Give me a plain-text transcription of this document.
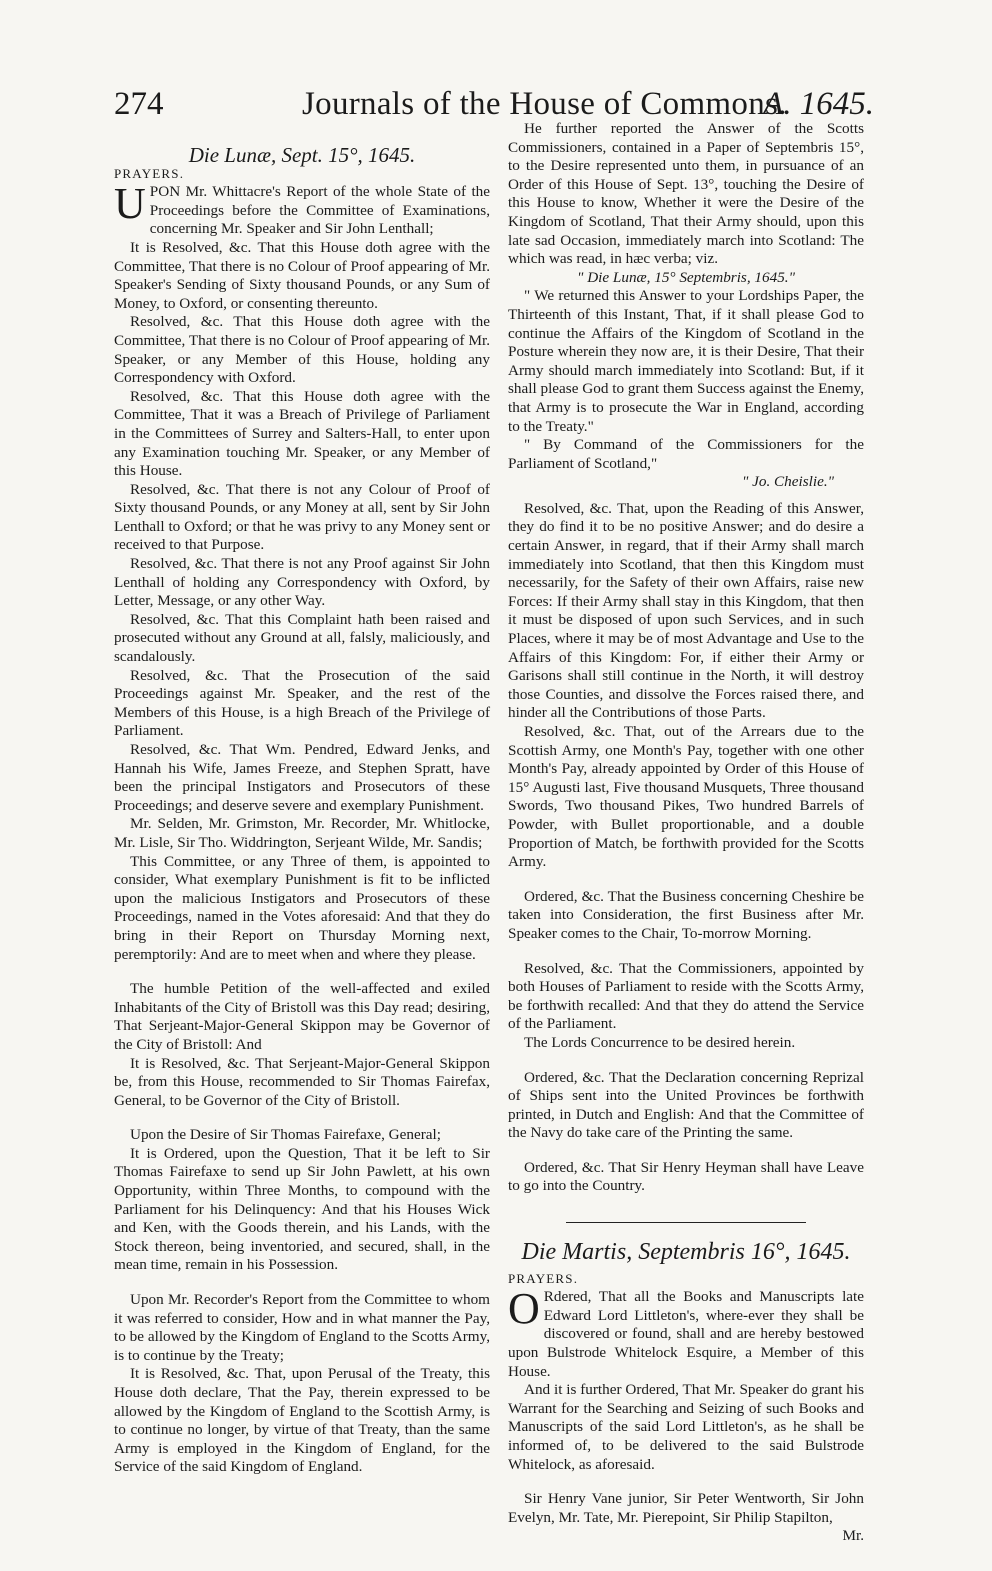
274	Journals of the House of Commons.
A. 1645.

Die Lunæ, Sept. 15°, 1645.

PRAYERS.

UPON Mr. Whittacre's Report of the whole State of the Proceedings before the Committee of Examinations, concerning Mr. Speaker and Sir John Lenthall;

It is Resolved, &c. That this House doth agree with the Committee, That there is no Colour of Proof appearing of Mr. Speaker's Sending of Sixty thousand Pounds, or any Sum of Money, to Oxford, or consenting thereunto.

Resolved, &c. That this House doth agree with the Committee, That there is no Colour of Proof appearing of Mr. Speaker, or any Member of this House, holding any Correspondency with Oxford.

Resolved, &c. That this House doth agree with the Committee, That it was a Breach of Privilege of Parliament in the Committees of Surrey and Salters-Hall, to enter upon any Examination touching Mr. Speaker, or any Member of this House.

Resolved, &c. That there is not any Colour of Proof of Sixty thousand Pounds, or any Money at all, sent by Sir John Lenthall to Oxford; or that he was privy to any Money sent or received to that Purpose.

Resolved, &c. That there is not any Proof against Sir John Lenthall of holding any Correspondency with Oxford, by Letter, Message, or any other Way.

Resolved, &c. That this Complaint hath been raised and prosecuted without any Ground at all, falsly, maliciously, and scandalously.

Resolved, &c. That the Prosecution of the said Proceedings against Mr. Speaker, and the rest of the Members of this House, is a high Breach of the Privilege of Parliament.

Resolved, &c. That Wm. Pendred, Edward Jenks, and Hannah his Wife, James Freeze, and Stephen Spratt, have been the principal Instigators and Prosecutors of these Proceedings; and deserve severe and exemplary Punishment.

Mr. Selden, Mr. Grimston, Mr. Recorder, Mr. Whitlocke, Mr. Lisle, Sir Tho. Widdrington, Serjeant Wilde, Mr. Sandis;

This Committee, or any Three of them, is appointed to consider, What exemplary Punishment is fit to be inflicted upon the malicious Instigators and Prosecutors of these Proceedings, named in the Votes aforesaid: And that they do bring in their Report on Thursday Morning next, peremptorily: And are to meet when and where they please.

The humble Petition of the well-affected and exiled Inhabitants of the City of Bristoll was this Day read; desiring, That Serjeant-Major-General Skippon may be Governor of the City of Bristoll: And

It is Resolved, &c. That Serjeant-Major-General Skippon be, from this House, recommended to Sir Thomas Fairefax, General, to be Governor of the City of Bristoll.

Upon the Desire of Sir Thomas Fairefaxe, General;

It is Ordered, upon the Question, That it be left to Sir Thomas Fairefaxe to send up Sir John Pawlett, at his own Opportunity, within Three Months, to compound with the Parliament for his Delinquency: And that his Houses Wick and Ken, with the Goods therein, and his Lands, with the Stock thereon, being inventoried, and secured, shall, in the mean time, remain in his Possession.

Upon Mr. Recorder's Report from the Committee to whom it was referred to consider, How and in what manner the Pay, to be allowed by the Kingdom of England to the Scotts Army, is to continue by the Treaty;

It is Resolved, &c. That, upon Perusal of the Treaty, this House doth declare, That the Pay, therein expressed to be allowed by the Kingdom of England to the Scottish Army, is to continue no longer, by virtue of that Treaty, than the same Army is employed in the Kingdom of England, for the Service of the said Kingdom of England.

He further reported the Answer of the Scotts Commissioners, contained in a Paper of Septembris 15°, to the Desire represented unto them, in pursuance of an Order of this House of Sept. 13°, touching the Desire of this House to know, Whether it were the Desire of the Kingdom of Scotland, That their Army should, upon this late sad Occasion, immediately march into Scotland: The which was read, in hæc verba; viz.

" Die Lunæ, 15° Septembris, 1645."

" We returned this Answer to your Lordships Paper, the Thirteenth of this Instant, That, if it shall please God to continue the Affairs of the Kingdom of Scotland in the Posture wherein they now are, it is their Desire, That their Army should march immediately into Scotland: But, if it shall please God to grant them Success against the Enemy, that Army is to prosecute the War in England, according to the Treaty."

" By Command of the Commissioners for the Parliament of Scotland,"

" Jo. Cheislie."

Resolved, &c. That, upon the Reading of this Answer, they do find it to be no positive Answer; and do desire a certain Answer, in regard, that if their Army shall march immediately into Scotland, that then this Kingdom must necessarily, for the Safety of their own Affairs, raise new Forces: If their Army shall stay in this Kingdom, that then it must be disposed of upon such Services, and in such Places, where it may be of most Advantage and Use to the Affairs of this Kingdom: For, if either their Army or Garisons shall still continue in the North, it will destroy those Counties, and dissolve the Forces raised there, and hinder all the Contributions of those Parts.

Resolved, &c. That, out of the Arrears due to the Scottish Army, one Month's Pay, together with one other Month's Pay, already appointed by Order of this House of 15° Augusti last, Five thousand Musquets, Three thousand Swords, Two thousand Pikes, Two hundred Barrels of Powder, with Bullet proportionable, and a double Proportion of Match, be forthwith provided for the Scotts Army.

Ordered, &c. That the Business concerning Cheshire be taken into Consideration, the first Business after Mr. Speaker comes to the Chair, To-morrow Morning.

Resolved, &c. That the Commissioners, appointed by both Houses of Parliament to reside with the Scotts Army, be forthwith recalled: And that they do attend the Service of the Parliament.

The Lords Concurrence to be desired herein.

Ordered, &c. That the Declaration concerning Reprizal of Ships sent into the United Provinces be forthwith printed, in Dutch and English: And that the Committee of the Navy do take care of the Printing the same.

Ordered, &c. That Sir Henry Heyman shall have Leave to go into the Country.

Die Martis, Septembris 16°, 1645.

PRAYERS.

O Rdered, That all the Books and Manuscripts late Edward Lord Littleton's, where-ever they shall be discovered or found, shall and are hereby bestowed upon Bulstrode Whitelock Esquire, a Member of this House.

And it is further Ordered, That Mr. Speaker do grant his Warrant for the Searching and Seizing of such Books and Manuscripts of the said Lord Littleton's, as he shall be informed of, to be delivered to the said Bulstrode Whitelock, as aforesaid.

Sir Henry Vane junior, Sir Peter Wentworth, Sir John Evelyn, Mr. Tate, Mr. Pierepoint, Sir Philip Stapilton,

Mr.
